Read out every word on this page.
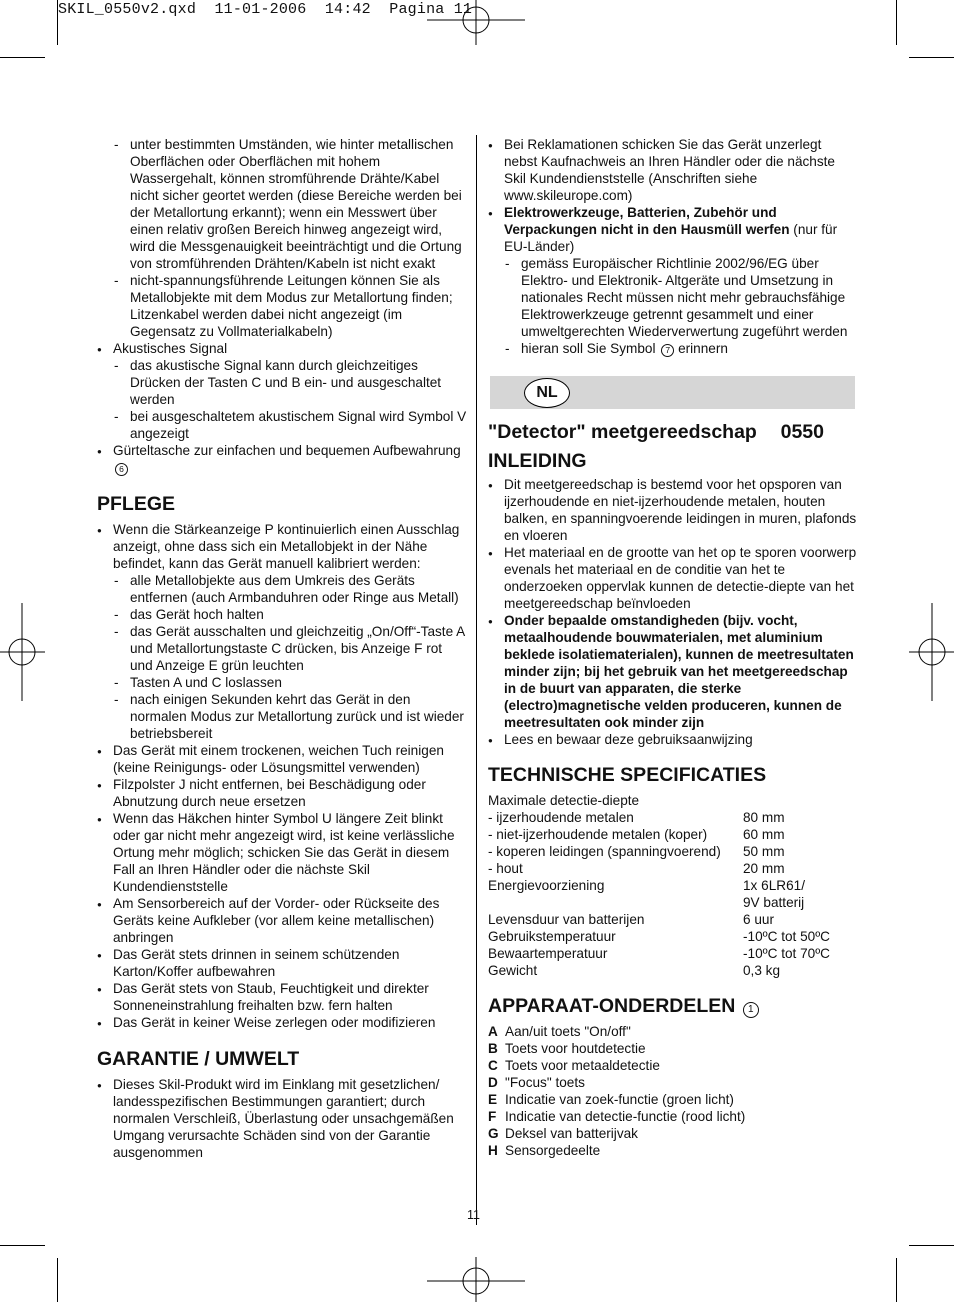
SKIL_0550v2.qxd 11-01-2006 14:42 Pagina 11

- unter bestimmten Umständen, wie hinter metallischen Oberflächen oder Oberflächen mit hohem Wassergehalt, können stromführende Drähte/Kabel nicht sicher geortet werden (diese Bereiche werden bei der Metallortung erkannt); wenn ein Messwert über einen relativ großen Bereich hinweg angezeigt wird, wird die Messgenauigkeit beeinträchtigt und die Ortung von stromführenden Drähten/Kabeln ist nicht exakt

- nicht-spannungsführende Leitungen können Sie als Metallobjekte mit dem Modus zur Metallortung finden; Litzenkabel werden dabei nicht angezeigt (im Gegensatz zu Vollmaterialkabeln)

● Akustisches Signal

- das akustische Signal kann durch gleichzeitiges Drücken der Tasten C und B ein- und ausgeschaltet werden

- bei ausgeschaltetem akustischem Signal wird Symbol V angezeigt

● Gürteltasche zur einfachen und bequemen Aufbewahrung 6

PFLEGE

● Wenn die Stärkeanzeige P kontinuierlich einen Ausschlag anzeigt, ohne dass sich ein Metallobjekt in der Nähe befindet, kann das Gerät manuell kalibriert werden:

- alle Metallobjekte aus dem Umkreis des Geräts entfernen (auch Armbanduhren oder Ringe aus Metall)

- das Gerät hoch halten

- das Gerät ausschalten und gleichzeitig „On/Off“-Taste A und Metallortungstaste C drücken, bis Anzeige F rot und Anzeige E grün leuchten

- Tasten A und C loslassen

- nach einigen Sekunden kehrt das Gerät in den normalen Modus zur Metallortung zurück und ist wieder betriebsbereit

● Das Gerät mit einem trockenen, weichen Tuch reinigen (keine Reinigungs- oder Lösungsmittel verwenden)

● Filzpolster J nicht entfernen, bei Beschädigung oder Abnutzung durch neue ersetzen

● Wenn das Häkchen hinter Symbol U längere Zeit blinkt oder gar nicht mehr angezeigt wird, ist keine verlässliche Ortung mehr möglich; schicken Sie das Gerät in diesem Fall an Ihren Händler oder die nächste Skil Kundendienststelle

● Am Sensorbereich auf der Vorder- oder Rückseite des Geräts keine Aufkleber (vor allem keine metallischen) anbringen

● Das Gerät stets drinnen in seinem schützenden Karton/Koffer aufbewahren

● Das Gerät stets von Staub, Feuchtigkeit und direkter Sonneneinstrahlung freihalten bzw. fern halten

● Das Gerät in keiner Weise zerlegen oder modifizieren

GARANTIE / UMWELT

● Dieses Skil-Produkt wird im Einklang mit gesetzlichen/ landesspezifischen Bestimmungen garantiert; durch normalen Verschleiß, Überlastung oder unsachgemäßen Umgang verursachte Schäden sind von der Garantie ausgenommen

● Bei Reklamationen schicken Sie das Gerät unzerlegt nebst Kaufnachweis an Ihren Händler oder die nächste Skil Kundendienststelle (Anschriften siehe www.skileurope.com)

● Elektrowerkzeuge, Batterien, Zubehör und Verpackungen nicht in den Hausmüll werfen (nur für EU-Länder)

- gemäss Europäischer Richtlinie 2002/96/EG über Elektro- und Elektronik- Altgeräte und Umsetzung in nationales Recht müssen nicht mehr gebrauchsfähige Elektrowerkzeuge getrennt gesammelt und einer umweltgerechten Wiederverwertung zugeführt werden

- hieran soll Sie Symbol 7 erinnern

NL
"Detector" meetgereedschap 0550
INLEIDING

● Dit meetgereedschap is bestemd voor het opsporen van ijzerhoudende en niet-ijzerhoudende metalen, houten balken, en spanningvoerende leidingen in muren, plafonds en vloeren

● Het materiaal en de grootte van het op te sporen voorwerp evenals het materiaal en de conditie van het te onderzoeken oppervlak kunnen de detectie-diepte van het meetgereedschap beïnvloeden

● Onder bepaalde omstandigheden (bijv. vocht, metaalhoudende bouwmaterialen, met aluminium beklede isolatiematerialen), kunnen de meetresultaten minder zijn; bij het gebruik van het meetgereedschap in de buurt van apparaten, die sterke (electro)magnetische velden produceren, kunnen de meetresultaten ook minder zijn

● Lees en bewaar deze gebruiksaanwijzing

TECHNISCHE SPECIFICATIES
Maximale detectie-diepte
- ijzerhoudende metalen	80 mm
- niet-ijzerhoudende metalen (koper)	60 mm
- koperen leidingen (spanningvoerend)	50 mm
- hout	20 mm
Energievoorziening	1x 6LR61/
9V batterij
Levensduur van batterijen	6 uur
Gebruikstemperatuur	-10ºC tot 50ºC
Bewaartemperatuur	-10ºC tot 70ºC
Gewicht	0,3 kg
APPARAAT-ONDERDELEN 1
A Aan/uit toets "On/off"
B Toets voor houtdetectie
C Toets voor metaaldetectie
D "Focus" toets
E Indicatie van zoek-functie (groen licht)
F Indicatie van detectie-functie (rood licht)
G Deksel van batterijvak
H Sensorgedeelte
11
